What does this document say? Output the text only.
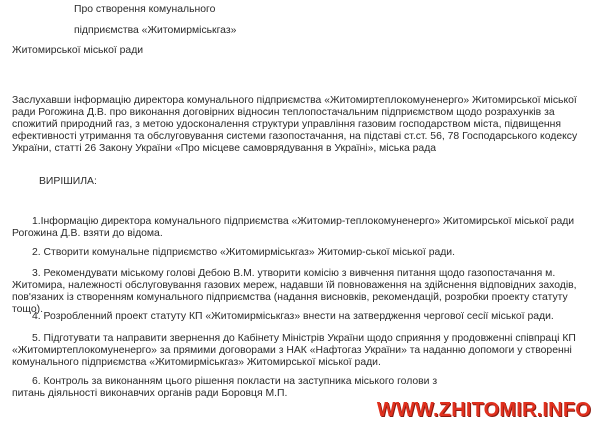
Про створення комунального
підприємства «Житомирміськгаз»
Житомирської міської ради
Заслухавши інформацію директора комунального підприємства «Житомиртеплокомуненерго» Житомирської міської ради Рогожина Д.В. про виконання договірних відносин теплопостачальним підприємством щодо розрахунків за спожитий природний газ, з метою удосконалення структури управління газовим господарством міста, підвищення ефективності утримання та обслуговування системи газопостачання, на підставі ст.ст. 56, 78 Господарського кодексу України, статті 26 Закону України «Про місцеве самоврядування в Україні», міська рада
ВИРІШИЛА:
1.Інформацію директора комунального підприємства «Житомир-теплокомуненерго» Житомирської міської ради Рогожина Д.В. взяти до відома.
2. Створити комунальне підприємство «Житомирміськгаз» Житомир-ської міської ради.
3. Рекомендувати міському голові Дебою В.М. утворити комісію з вивчення питання щодо газопостачання м. Житомира, належності обслуговування газових мереж, надавши їй повноваження на здійснення відповідних заходів, пов'язаних із створенням комунального підприємства (надання висновків, рекомендацій, розробки проекту статуту тощо).
4. Розробленний проект статуту КП «Житомирміськгаз» внести на затвердження чергової сесії міської ради.
5. Підготувати та направити звернення до Кабінету Міністрів України щодо сприяння у продовженні співпраці КП «Житомиртеплокомуненерго» за прямими договорами з НАК «Нафтогаз України» та наданню допомоги у створенні комунального підприємства «Житомирміськгаз» Житомирської міської ради.
6. Контроль за виконанням цього рішення покласти на заступника міського голови з питань діяльності виконавчих органів ради Боровця М.П.
WWW.ZHITOMIR.INFO
